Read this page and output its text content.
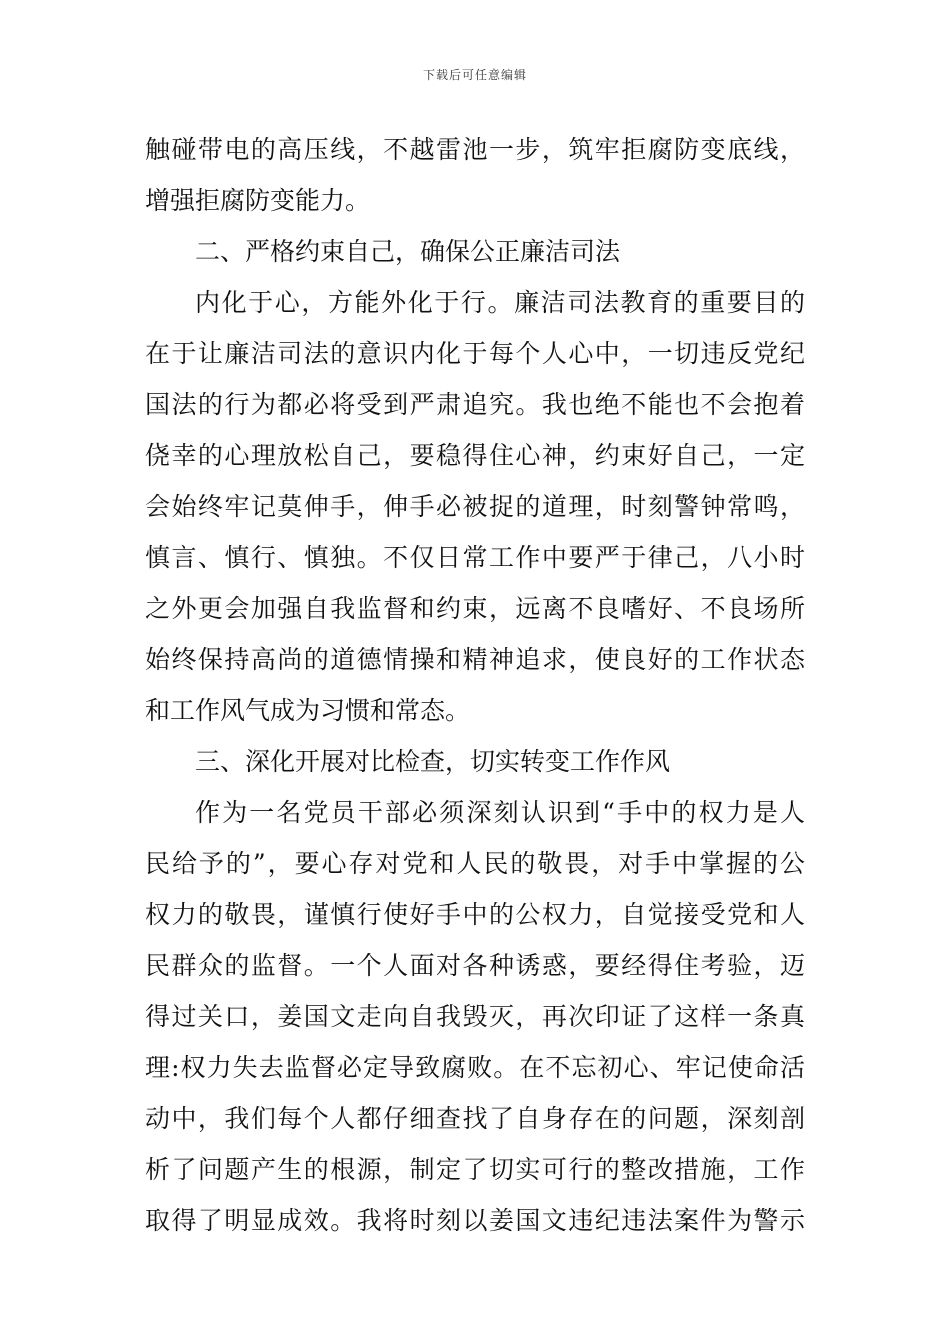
下载后可任意编辑
触碰带电的高压线，不越雷池一步，筑牢拒腐防变底线，
增强拒腐防变能力。
二、严格约束自己，确保公正廉洁司法
内化于心，方能外化于行。廉洁司法教育的重要目的
在于让廉洁司法的意识内化于每个人心中，一切违反党纪
国法的行为都必将受到严肃追究。我也绝不能也不会抱着
侥幸的心理放松自己，要稳得住心神，约束好自己，一定
会始终牢记莫伸手，伸手必被捉的道理，时刻警钟常鸣，
慎言、慎行、慎独。不仅日常工作中要严于律己，八小时
之外更会加强自我监督和约束，远离不良嗜好、不良场所
始终保持高尚的道德情操和精神追求，使良好的工作状态
和工作风气成为习惯和常态。
三、深化开展对比检查，切实转变工作作风
作为一名党员干部必须深刻认识到“手中的权力是人
民给予的”，要心存对党和人民的敬畏，对手中掌握的公
权力的敬畏，谨慎行使好手中的公权力，自觉接受党和人
民群众的监督。一个人面对各种诱惑，要经得住考验，迈
得过关口，姜国文走向自我毁灭，再次印证了这样一条真
理:权力失去监督必定导致腐败。在不忘初心、牢记使命活
动中，我们每个人都仔细查找了自身存在的问题，深刻剖
析了问题产生的根源，制定了切实可行的整改措施，工作
取得了明显成效。我将时刻以姜国文违纪违法案件为警示
